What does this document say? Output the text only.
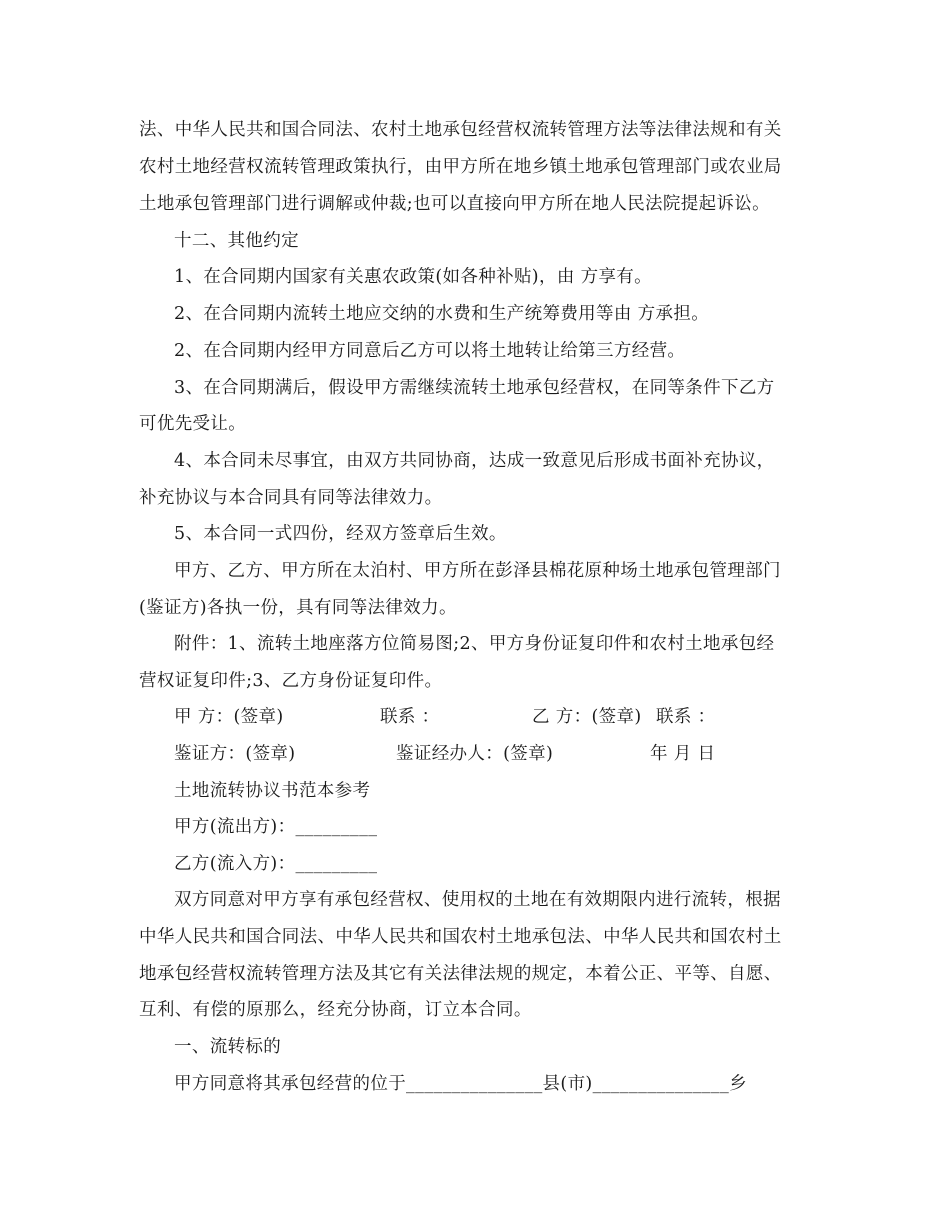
法、中华人民共和国合同法、农村土地承包经营权流转管理方法等法律法规和有关
农村土地经营权流转管理政策执行，由甲方所在地乡镇土地承包管理部门或农业局
土地承包管理部门进行调解或仲裁;也可以直接向甲方所在地人民法院提起诉讼。
十二、其他约定
1、在合同期内国家有关惠农政策(如各种补贴)，由 方享有。
2、在合同期内流转土地应交纳的水费和生产统筹费用等由 方承担。
2、在合同期内经甲方同意后乙方可以将土地转让给第三方经营。
3、在合同期满后，假设甲方需继续流转土地承包经营权，在同等条件下乙方
可优先受让。
4、本合同未尽事宜，由双方共同协商，达成一致意见后形成书面补充协议，
补充协议与本合同具有同等法律效力。
5、本合同一式四份，经双方签章后生效。
甲方、乙方、甲方所在太泊村、甲方所在彭泽县棉花原种场土地承包管理部门
(鉴证方)各执一份，具有同等法律效力。
附件：1、流转土地座落方位简易图;2、甲方身份证复印件和农村土地承包经
营权证复印件;3、乙方身份证复印件。
甲 方：(签章)	联系 ：	乙 方：(签章) 联系 ：
鉴证方：(签章)	鉴证经办人：(签章)	年 月 日
土地流转协议书范本参考
甲方(流出方)：_________
乙方(流入方)：_________
双方同意对甲方享有承包经营权、使用权的土地在有效期限内进行流转，根据
中华人民共和国合同法、中华人民共和国农村土地承包法、中华人民共和国农村土
地承包经营权流转管理方法及其它有关法律法规的规定，本着公正、平等、自愿、
互利、有偿的原那么，经充分协商，订立本合同。
一、流转标的
甲方同意将其承包经营的位于_______________县(市)_______________乡
